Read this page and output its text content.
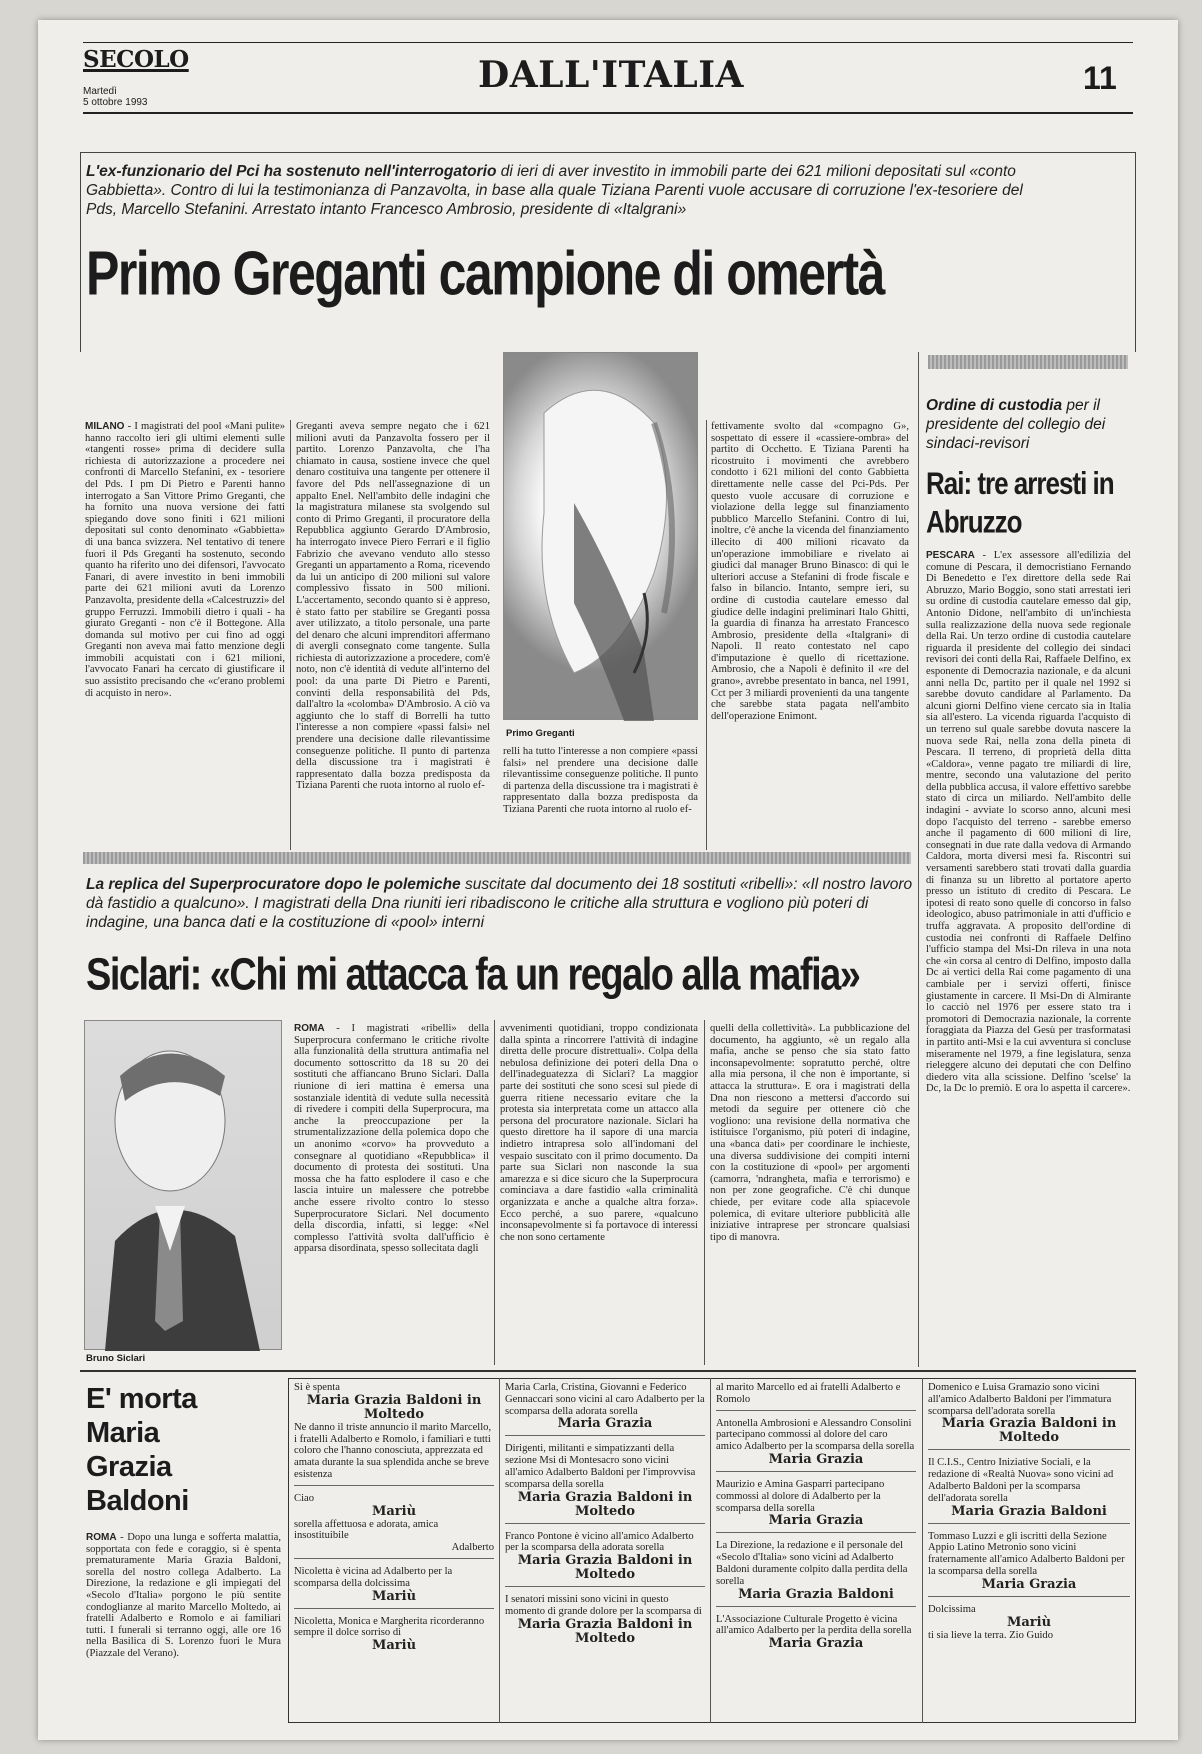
SECOLO
Martedì
5 ottobre 1993
DALL'ITALIA	11
L'ex-funzionario del Pci ha sostenuto nell'interrogatorio di ieri di aver investito in immobili parte dei 621 milioni depositati sul «conto Gabbietta». Contro di lui la testimonianza di Panzavolta, in base alla quale Tiziana Parenti vuole accusare di corruzione l'ex-tesoriere del Pds, Marcello Stefanini. Arrestato intanto Francesco Ambrosio, presidente di «Italgrani»
Primo Greganti campione di omertà
MILANO - I magistrati del pool «Mani pulite» hanno raccolto ieri gli ultimi elementi sulle «tangenti rosse» prima di decidere sulla richiesta di autorizzazione a procedere nei confronti di Marcello Stefanini, ex - tesoriere del Pds. I pm Di Pietro e Parenti hanno interrogato a San Vittore Primo Greganti, che ha fornito una nuova versione dei fatti spiegando dove sono finiti i 621 milioni depositati sul conto denominato «Gabbietta» di una banca svizzera. Nel tentativo di tenere fuori il Pds Greganti ha sostenuto, secondo quanto ha riferito uno dei difensori, l'avvocato Fanari, di avere investito in beni immobili parte dei 621 milioni avuti da Lorenzo Panzavolta, presidente della «Calcestruzzi» del gruppo Ferruzzi. Immobili dietro i quali - ha giurato Greganti - non c'è il Bottegone. Alla domanda sul motivo per cui fino ad oggi Greganti non aveva mai fatto menzione degli immobili acquistati con i 621 milioni, l'avvocato Fanari ha cercato di giustificare il suo assistito precisando che «c'erano problemi di acquisto in nero».
Greganti aveva sempre negato che i 621 milioni avuti da Panzavolta fossero per il partito. Lorenzo Panzavolta, che l'ha chiamato in causa, sostiene invece che quel denaro costituiva una tangente per ottenere il favore del Pds nell'assegnazione di un appalto Enel. Nell'ambito delle indagini che la magistratura milanese sta svolgendo sul conto di Primo Greganti, il procuratore della Repubblica aggiunto Gerardo D'Ambrosio, ha interrogato invece Piero Ferrari e il figlio Fabrizio che avevano venduto allo stesso Greganti un appartamento a Roma, ricevendo da lui un anticipo di 200 milioni sul valore complessivo fissato in 500 milioni. L'accertamento, secondo quanto si è appreso, è stato fatto per stabilire se Greganti possa aver utilizzato, a titolo personale, una parte del denaro che alcuni imprenditori affermano di avergli consegnato come tangente. Sulla richiesta di autorizzazione a procedere, com'è noto, non c'è identità di vedute all'interno del pool: da una parte Di Pietro e Parenti, convinti della responsabilità del Pds, dall'altro la «colomba» D'Ambrosio. A ciò va aggiunto che lo staff di Borrelli ha tutto l'interesse a non compiere «passi falsi» nel prendere una decisione dalle rilevantissime conseguenze politiche. Il punto di partenza della discussione tra i magistrati è rappresentato dalla bozza predisposta da Tiziana Parenti che ruota intorno al ruolo ef-
Primo Greganti
relli ha tutto l'interesse a non compiere «passi falsi» nel prendere una decisione dalle rilevantissime conseguenze politiche. Il punto di partenza della discussione tra i magistrati è rappresentato dalla bozza predisposta da Tiziana Parenti che ruota intorno al ruolo ef-
fettivamente svolto dal «compagno G», sospettato di essere il «cassiere-ombra» del partito di Occhetto. E Tiziana Parenti ha ricostruito i movimenti che avrebbero condotto i 621 milioni del conto Gabbietta direttamente nelle casse del Pci-Pds. Per questo vuole accusare di corruzione e violazione della legge sul finanziamento pubblico Marcello Stefanini. Contro di lui, inoltre, c'è anche la vicenda del finanziamento illecito di 400 milioni ricavato da un'operazione immobiliare e rivelato ai giudici dal manager Bruno Binasco: di qui le ulteriori accuse a Stefanini di frode fiscale e falso in bilancio. Intanto, sempre ieri, su ordine di custodia cautelare emesso dal giudice delle indagini preliminari Italo Ghitti, la guardia di finanza ha arrestato Francesco Ambrosio, presidente della «Italgrani» di Napoli. Il reato contestato nel capo d'imputazione è quello di ricettazione. Ambrosio, che a Napoli è definito il «re del grano», avrebbe presentato in banca, nel 1991, Cct per 3 miliardi provenienti da una tangente che sarebbe stata pagata nell'ambito dell'operazione Enimont.
Ordine di custodia per il presidente del collegio dei sindaci-revisori
Rai: tre arresti in Abruzzo
PESCARA - L'ex assessore all'edilizia del comune di Pescara, il democristiano Fernando Di Benedetto e l'ex direttore della sede Rai Abruzzo, Mario Boggio, sono stati arrestati ieri su ordine di custodia cautelare emesso dal gip, Antonio Didone, nell'ambito di un'inchiesta sulla realizzazione della nuova sede regionale della Rai. Un terzo ordine di custodia cautelare riguarda il presidente del collegio dei sindaci revisori dei conti della Rai, Raffaele Delfino, ex esponente di Democrazia nazionale, e da alcuni anni nella Dc, partito per il quale nel 1992 si sarebbe dovuto candidare al Parlamento. Da alcuni giorni Delfino viene cercato sia in Italia sia all'estero. La vicenda riguarda l'acquisto di un terreno sul quale sarebbe dovuta nascere la nuova sede Rai, nella zona della pineta di Pescara. Il terreno, di proprietà della ditta «Caldora», venne pagato tre miliardi di lire, mentre, secondo una valutazione del perito della pubblica accusa, il valore effettivo sarebbe stato di circa un miliardo. Nell'ambito delle indagini - avviate lo scorso anno, alcuni mesi dopo l'acquisto del terreno - sarebbe emerso anche il pagamento di 600 milioni di lire, consegnati in due rate dalla vedova di Armando Caldora, morta diversi mesi fa. Riscontri sui versamenti sarebbero stati trovati dalla guardia di finanza su un libretto al portatore aperto presso un istituto di credito di Pescara. Le ipotesi di reato sono quelle di concorso in falso ideologico, abuso patrimoniale in atti d'ufficio e truffa aggravata. A proposito dell'ordine di custodia nei confronti di Raffaele Delfino l'ufficio stampa del Msi-Dn rileva in una nota che «in corsa al centro di Delfino, imposto dalla Dc ai vertici della Rai come pagamento di una cambiale per i servizi offerti, finisce giustamente in carcere. Il Msi-Dn di Almirante lo cacciò nel 1976 per essere stato tra i promotori di Democrazia nazionale, la corrente foraggiata da Piazza del Gesù per trasformatasi in partito anti-Msi e la cui avventura si concluse miseramente nel 1979, a fine legislatura, senza rieleggere alcuno dei deputati che con Delfino diedero vita alla scissione. Delfino 'scelse' la Dc, la Dc lo premiò. E ora lo aspetta il carcere».
La replica del Superprocuratore dopo le polemiche suscitate dal documento dei 18 sostituti «ribelli»: «Il nostro lavoro dà fastidio a qualcuno». I magistrati della Dna riuniti ieri ribadiscono le critiche alla struttura e vogliono più poteri di indagine, una banca dati e la costituzione di «pool» interni
Siclari: «Chi mi attacca fa un regalo alla mafia»
Bruno Siclari
ROMA - I magistrati «ribelli» della Superprocura confermano le critiche rivolte alla funzionalità della struttura antimafia nel documento sottoscritto da 18 su 20 dei sostituti che affiancano Bruno Siclari. Dalla riunione di ieri mattina è emersa una sostanziale identità di vedute sulla necessità di rivedere i compiti della Superprocura, ma anche la preoccupazione per la strumentalizzazione della polemica dopo che un anonimo «corvo» ha provveduto a consegnare al quotidiano «Repubblica» il documento di protesta dei sostituti. Una mossa che ha fatto esplodere il caso e che lascia intuire un malessere che potrebbe anche essere rivolto contro lo stesso Superprocuratore Siclari. Nel documento della discordia, infatti, si legge: «Nel complesso l'attività svolta dall'ufficio è apparsa disordinata, spesso sollecitata dagli
avvenimenti quotidiani, troppo condizionata dalla spinta a rincorrere l'attività di indagine diretta delle procure distrettuali». Colpa della nebulosa definizione dei poteri della Dna o dell'inadeguatezza di Siclari? La maggior parte dei sostituti che sono scesi sul piede di guerra ritiene necessario evitare che la protesta sia interpretata come un attacco alla persona del procuratore nazionale. Siclari ha questo direttore ha il sapore di una marcia indietro intrapresa solo all'indomani del vespaio suscitato con il primo documento. Da parte sua Siclari non nasconde la sua amarezza e si dice sicuro che la Superprocura cominciava a dare fastidio «alla criminalità organizzata e anche a qualche altra forza». Ecco perché, a suo parere, «qualcuno inconsapevolmente si fa portavoce di interessi che non sono certamente
quelli della collettività». La pubblicazione del documento, ha aggiunto, «è un regalo alla mafia, anche se penso che sia stato fatto inconsapevolmente: sopratutto perché, oltre alla mia persona, il che non è importante, si attacca la struttura». E ora i magistrati della Dna non riescono a mettersi d'accordo sui metodi da seguire per ottenere ciò che vogliono: una revisione della normativa che istituisce l'organismo, più poteri di indagine, una «banca dati» per coordinare le inchieste, una diversa suddivisione dei compiti interni con la costituzione di «pool» per argomenti (camorra, 'ndrangheta, mafia e terrorismo) e non per zone geografiche. C'è chi dunque chiede, per evitare code alla spiacevole polemica, di evitare ulteriore pubblicità alle iniziative intraprese per stroncare qualsiasi tipo di manovra.
E' morta
Maria
Grazia
Baldoni
ROMA - Dopo una lunga e sofferta malattia, sopportata con fede e coraggio, si è spenta prematuramente Maria Grazia Baldoni, sorella del nostro collega Adalberto. La Direzione, la redazione e gli impiegati del «Secolo d'Italia» porgono le più sentite condoglianze al marito Marcello Moltedo, ai fratelli Adalberto e Romolo e ai familiari tutti. I funerali si terranno oggi, alle ore 16 nella Basilica di S. Lorenzo fuori le Mura (Piazzale del Verano).
Si è spenta
Maria Grazia Baldoni in Moltedo
Ne danno il triste annuncio il marito Marcello, i fratelli Adalberto e Romolo, i familiari e tutti coloro che l'hanno conosciuta, apprezzata ed amata durante la sua splendida anche se breve esistenza
Ciao
Mariù
sorella affettuosa e adorata, amica insostituibile
Adalberto
Nicoletta è vicina ad Adalberto per la scomparsa della dolcissima
Mariù
Nicoletta, Monica e Margherita ricorderanno sempre il dolce sorriso di
Mariù
Maria Carla, Cristina, Giovanni e Federico Gennaccari sono vicini al caro Adalberto per la scomparsa della adorata sorella
Maria Grazia
Dirigenti, militanti e simpatizzanti della sezione Msi di Montesacro sono vicini all'amico Adalberto Baldoni per l'improvvisa scomparsa della sorella
Maria Grazia Baldoni in Moltedo
Franco Pontone è vicino all'amico Adalberto per la scomparsa della adorata sorella
Maria Grazia Baldoni in Moltedo
I senatori missini sono vicini in questo momento di grande dolore per la scomparsa di
Maria Grazia Baldoni in Moltedo
al marito Marcello ed ai fratelli Adalberto e Romolo
Antonella Ambrosioni e Alessandro Consolini partecipano commossi al dolore del caro amico Adalberto per la scomparsa della sorella
Maria Grazia
Maurizio e Amina Gasparri partecipano commossi al dolore di Adalberto per la scomparsa della sorella
Maria Grazia
La Direzione, la redazione e il personale del «Secolo d'Italia» sono vicini ad Adalberto Baldoni duramente colpito dalla perdita della sorella
Maria Grazia Baldoni
L'Associazione Culturale Progetto è vicina all'amico Adalberto per la perdita della sorella
Maria Grazia
Domenico e Luisa Gramazio sono vicini all'amico Adalberto Baldoni per l'immatura scomparsa dell'adorata sorella
Maria Grazia Baldoni in Moltedo
Il C.I.S., Centro Iniziative Sociali, e la redazione di «Realtà Nuova» sono vicini ad Adalberto Baldoni per la scomparsa dell'adorata sorella
Maria Grazia Baldoni
Tommaso Luzzi e gli iscritti della Sezione Appio Latino Metronio sono vicini fraternamente all'amico Adalberto Baldoni per la scomparsa della sorella
Maria Grazia
Dolcissima
Mariù
ti sia lieve la terra. Zio Guido
